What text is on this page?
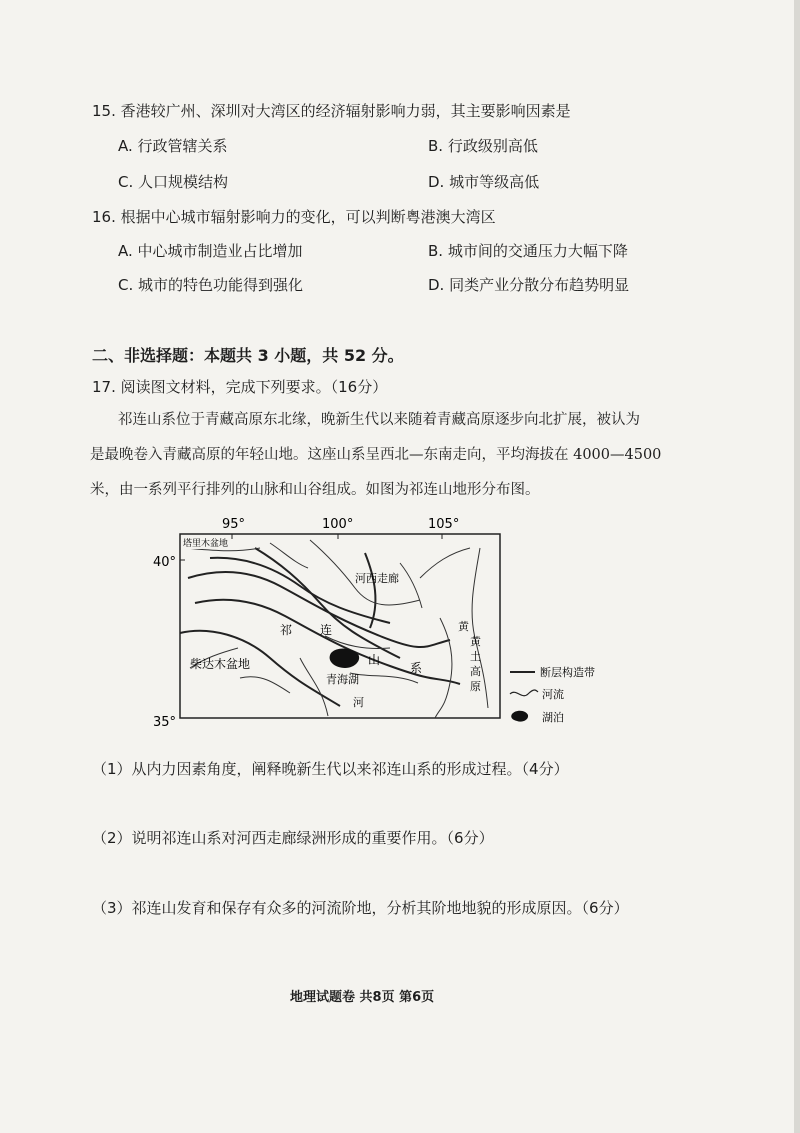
15. 香港较广州、深圳对大湾区的经济辐射影响力弱，其主要影响因素是
A. 行政管辖关系	B. 行政级别高低
C. 人口规模结构	D. 城市等级高低
16. 根据中心城市辐射影响力的变化，可以判断粤港澳大湾区
A. 中心城市制造业占比增加	B. 城市间的交通压力大幅下降
C. 城市的特色功能得到强化	D. 同类产业分散分布趋势明显
二、非选择题：本题共 3 小题，共 52 分。
17. 阅读图文材料，完成下列要求。（16分）
祁连山系位于青藏高原东北缘，晚新生代以来随着青藏高原逐步向北扩展，被认为
是最晚卷入青藏高原的年轻山地。这座山系呈西北—东南走向，平均海拔在 4000—4500
米，由一系列平行排列的山脉和山谷组成。如图为祁连山地形分布图。
95°	100°	105°
40°
35°
塔里木盆地
河西走廊
柴达木盆地
祁 连
山
系
青海湖
河
黄
黄
土
高
原
断层构造带
河流
湖泊
（1）从内力因素角度，阐释晚新生代以来祁连山系的形成过程。（4分）
（2）说明祁连山系对河西走廊绿洲形成的重要作用。（6分）
（3）祁连山发育和保存有众多的河流阶地，分析其阶地地貌的形成原因。（6分）
地理试题卷 共8页 第6页
